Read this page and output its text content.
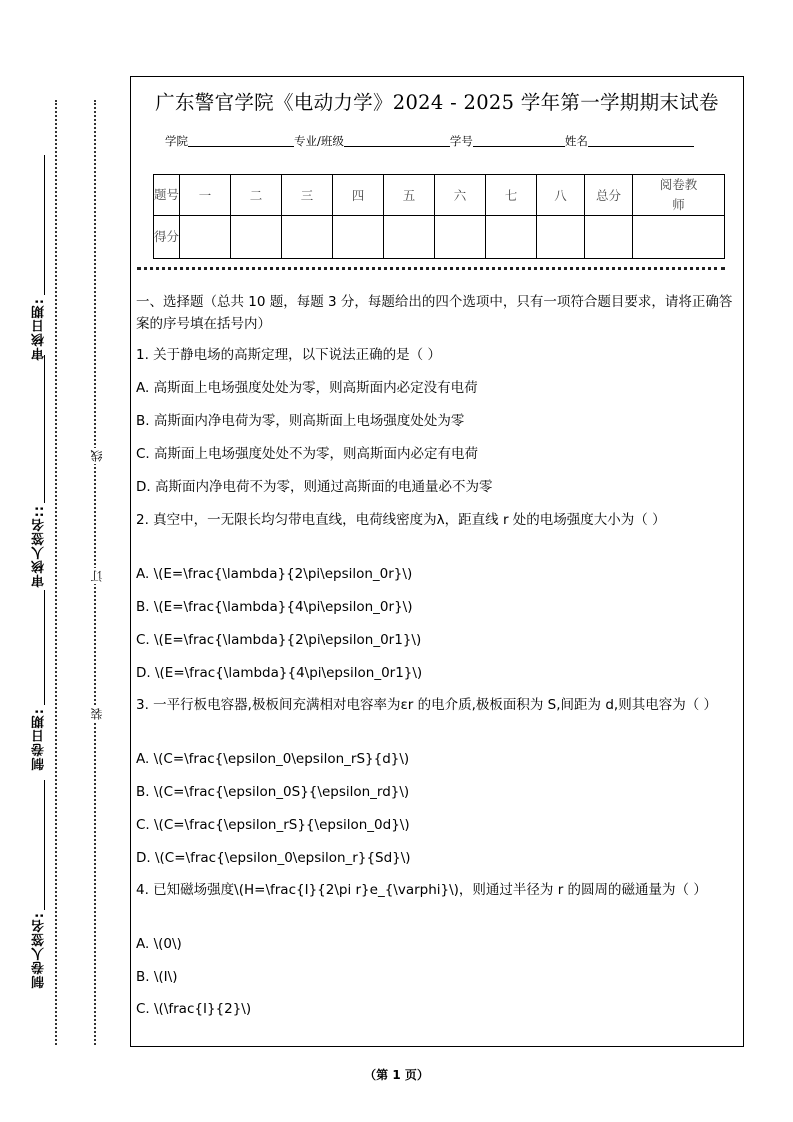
审核日期:
审核人签名::
制卷日期:
制卷人签名:
线
订
装
广东警官学院《电动力学》2024 - 2025 学年第一学期期末试卷
学院	专业/班级	学号	姓名
题号	一	二	三	四	五	六	七	八	总分	阅卷教师
得分										
一、选择题（总共 10 题，每题 3 分，每题给出的四个选项中，只有一项符合题目要求，请将正确答案的序号填在括号内）
1. 关于静电场的高斯定理，以下说法正确的是（ ）
A. 高斯面上电场强度处处为零，则高斯面内必定没有电荷
B. 高斯面内净电荷为零，则高斯面上电场强度处处为零
C. 高斯面上电场强度处处不为零，则高斯面内必定有电荷
D. 高斯面内净电荷不为零，则通过高斯面的电通量必不为零
2. 真空中，一无限长均匀带电直线，电荷线密度为λ，距直线 r 处的电场强度大小为（ ）
A. \(E=\frac{\lambda}{2\pi\epsilon_0r}\)
B. \(E=\frac{\lambda}{4\pi\epsilon_0r}\)
C. \(E=\frac{\lambda}{2\pi\epsilon_0r1}\)
D. \(E=\frac{\lambda}{4\pi\epsilon_0r1}\)
3. 一平行板电容器,极板间充满相对电容率为εr 的电介质,极板面积为 S,间距为 d,则其电容为（ ）
A. \(C=\frac{\epsilon_0\epsilon_rS}{d}\)
B. \(C=\frac{\epsilon_0S}{\epsilon_rd}\)
C. \(C=\frac{\epsilon_rS}{\epsilon_0d}\)
D. \(C=\frac{\epsilon_0\epsilon_r}{Sd}\)
4. 已知磁场强度\(H=\frac{I}{2\pi r}e_{\varphi}\)，则通过半径为 r 的圆周的磁通量为（ ）
A. \(0\)
B. \(I\)
C. \(\frac{I}{2}\)
（第 1 页）
